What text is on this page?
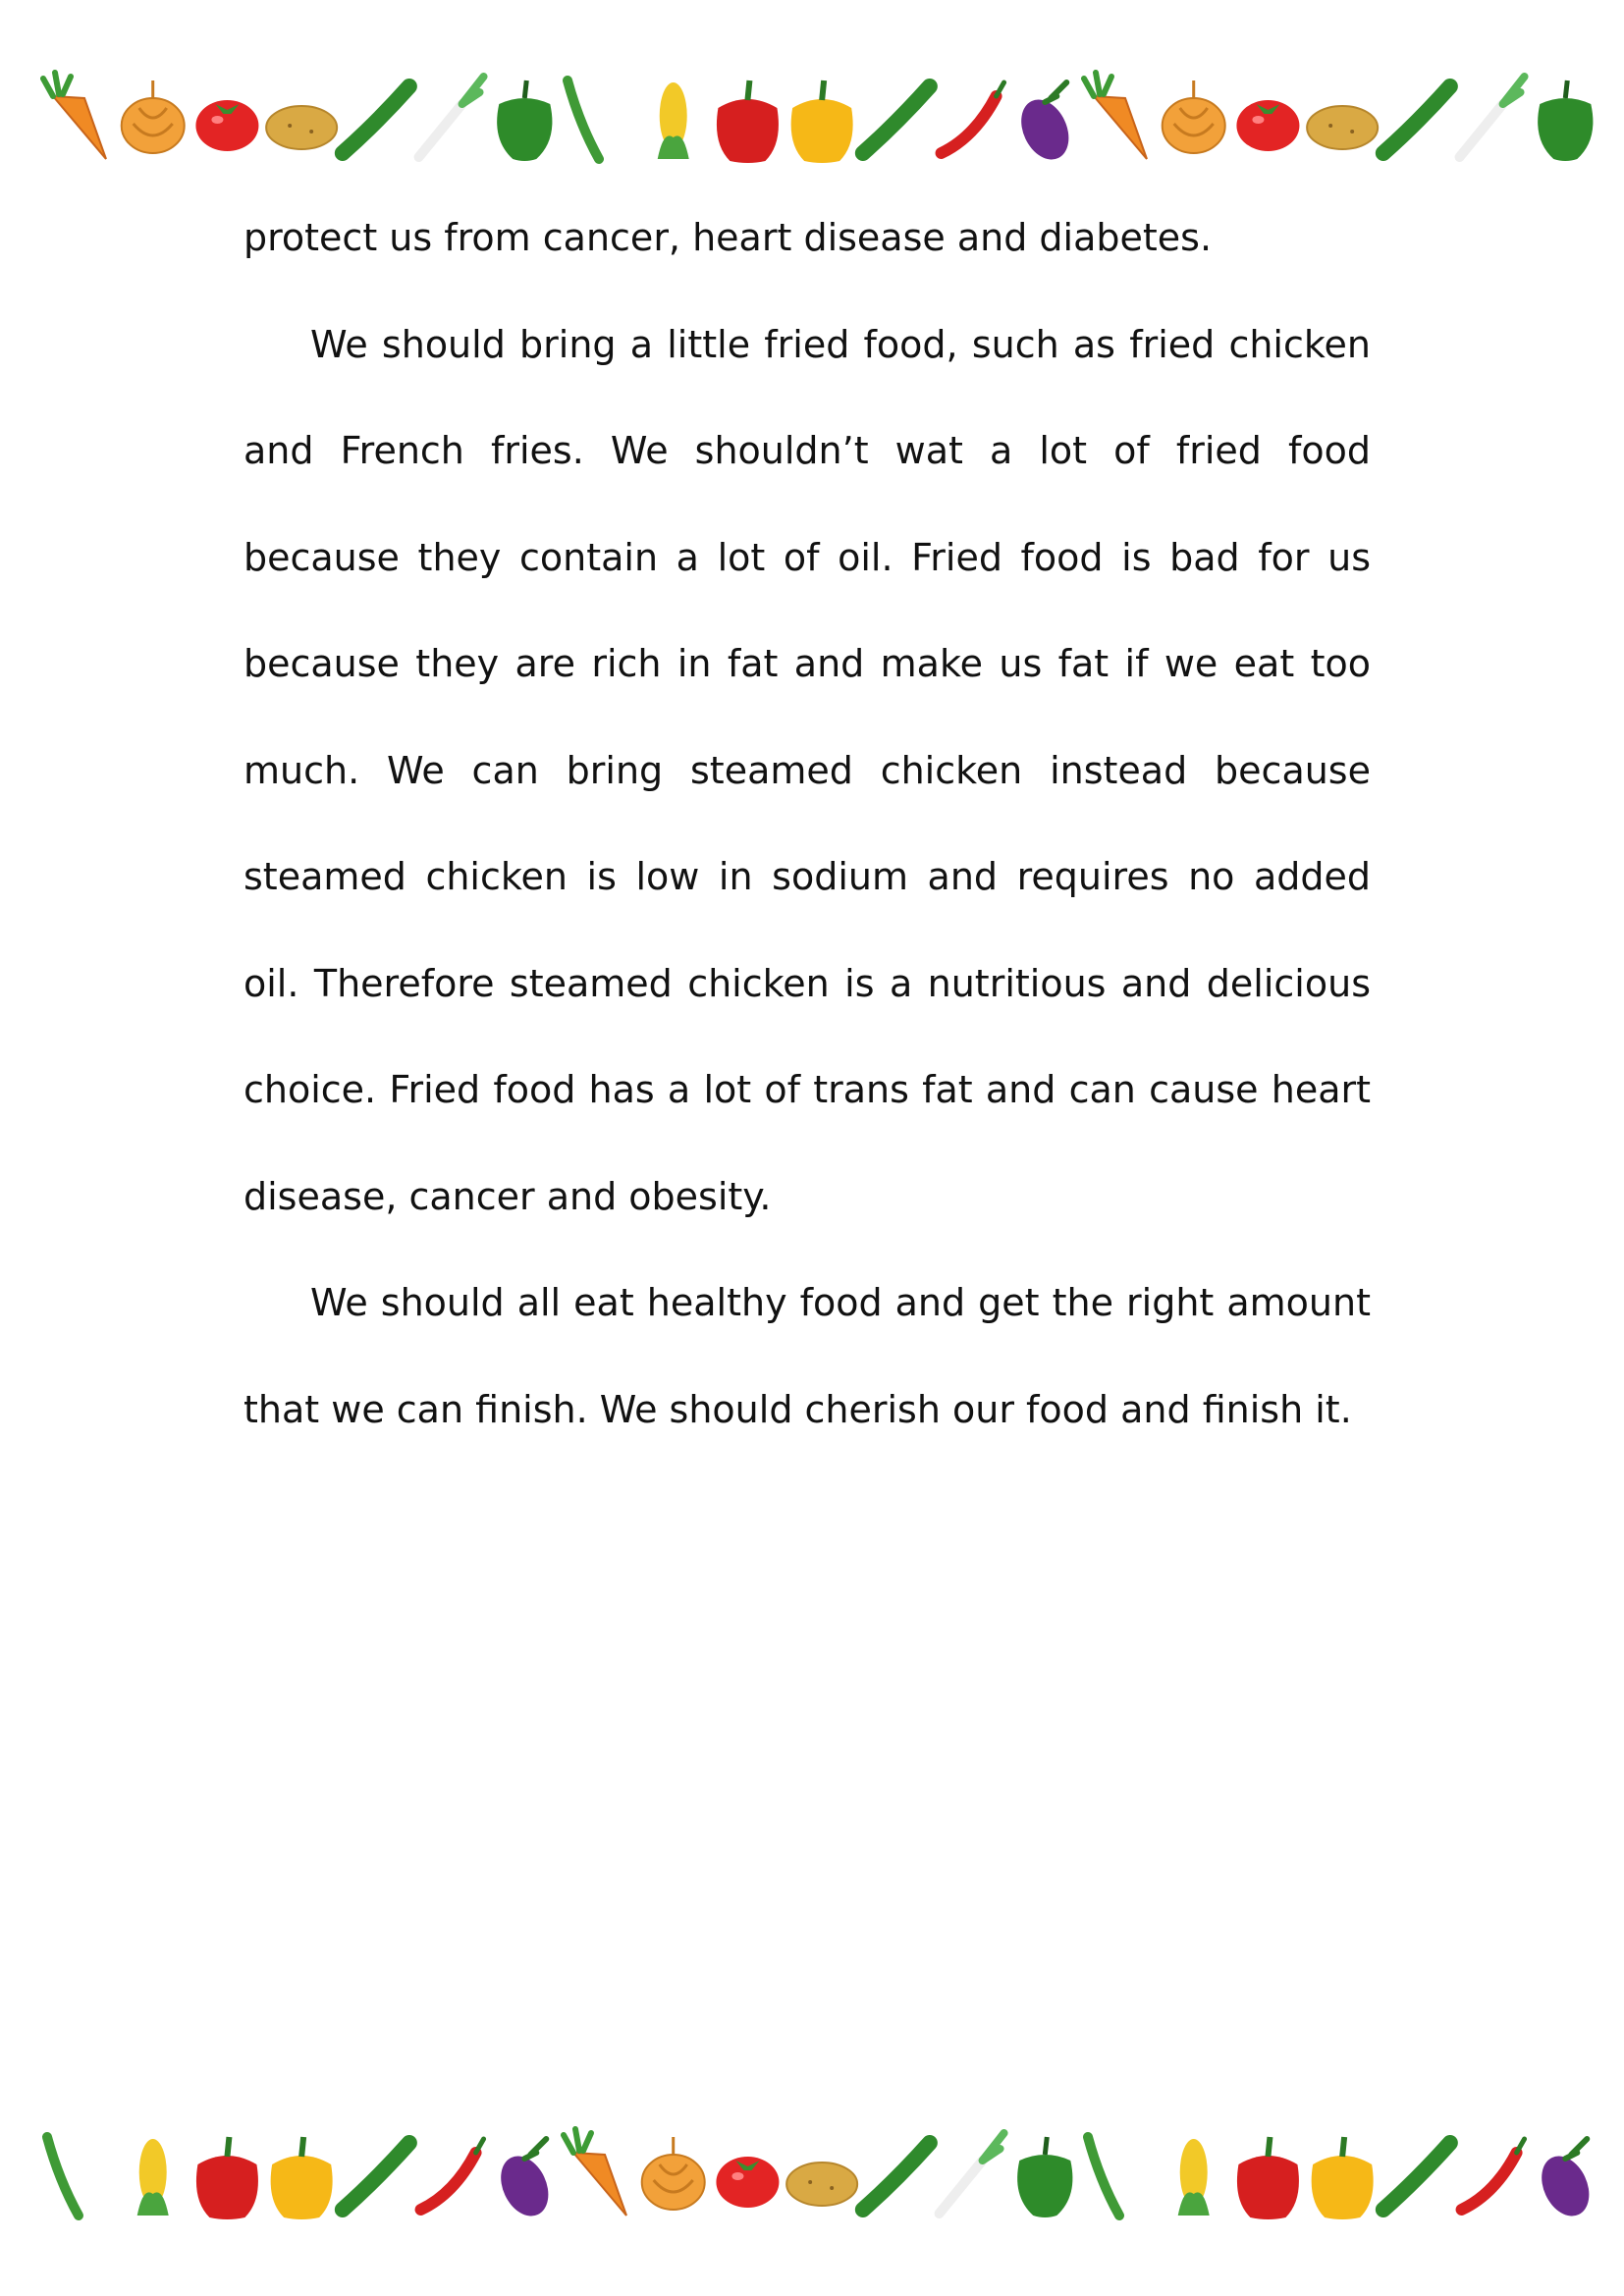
protect us from cancer, heart disease and diabetes.

We should bring a little fried food, such as fried chicken and French fries. We shouldn’t wat a lot of fried food because they contain a lot of oil. Fried food is bad for us because they are rich in fat and make us fat if we eat too much. We can bring steamed chicken instead because steamed chicken is low in sodium and requires no added oil. Therefore steamed chicken is a nutritious and delicious choice. Fried food has a lot of trans fat and can cause heart disease, cancer and obesity.

We should all eat healthy food and get the right amount that we can finish. We should cherish our food and finish it.
